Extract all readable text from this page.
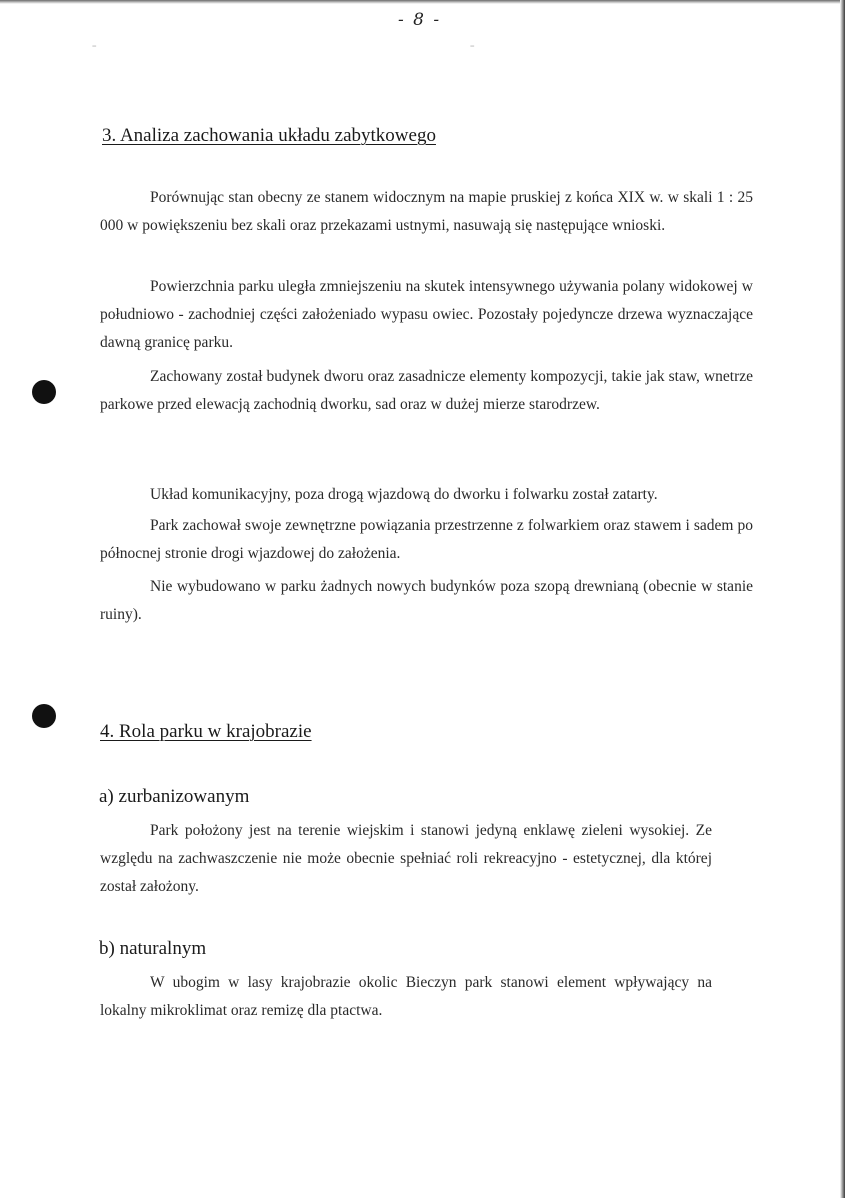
- 8 -

=	=
3. Analiza zachowania układu zabytkowego

Porównując stan obecny ze stanem widocznym na mapie pruskiej z końca XIX w. w skali 1 : 25 000 w powiększeniu bez skali oraz przekazami ustnymi, nasuwają się następujące wnioski.

Powierzchnia parku uległa zmniejszeniu na skutek intensywnego używania polany widokowej w południowo - zachodniej części założeniado wypasu owiec. Pozostały pojedyncze drzewa wyznaczające dawną granicę parku.

Zachowany został budynek dworu oraz zasadnicze elementy kompozycji, takie jak staw, wnetrze parkowe przed elewacją zachodnią dworku, sad oraz w dużej mierze starodrzew.

Układ komunikacyjny, poza drogą wjazdową do dworku i folwarku został zatarty.

Park zachował swoje zewnętrzne powiązania przestrzenne z folwarkiem oraz stawem i sadem po północnej stronie drogi wjazdowej do założenia.

Nie wybudowano w parku żadnych nowych budynków poza szopą drewnianą (obecnie w stanie ruiny).

4. Rola parku w krajobrazie
a) zurbanizowanym

Park położony jest na terenie wiejskim i stanowi jedyną enklawę zieleni wysokiej. Ze względu na zachwaszczenie nie może obecnie spełniać roli rekreacyjno - estetycznej, dla której został założony.

b) naturalnym

W ubogim w lasy krajobrazie okolic Bieczyn park stanowi element wpływający na lokalny mikroklimat oraz remizę dla ptactwa.
